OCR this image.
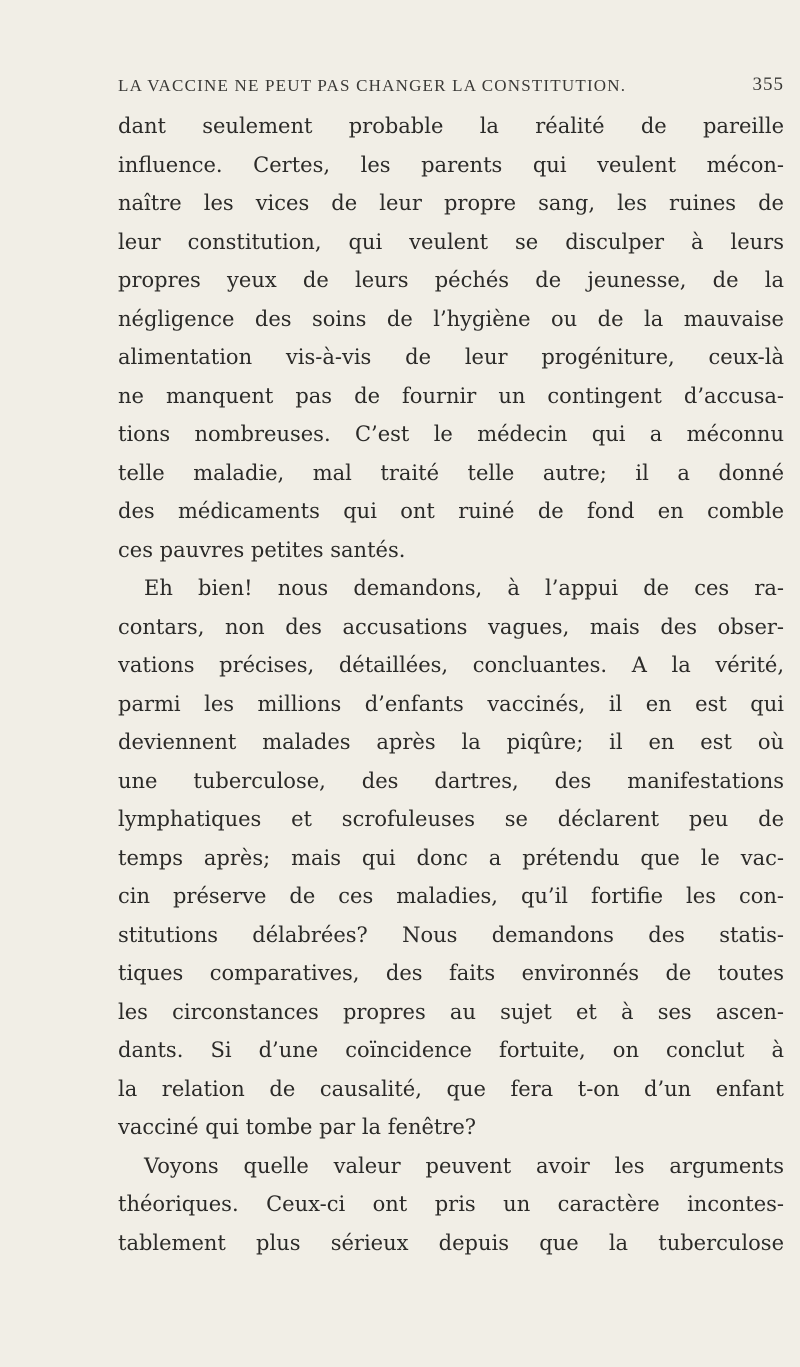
LA VACCINE NE PEUT PAS CHANGER LA CONSTITUTION.	355
dant seulement probable la réalité de pareille
influence. Certes, les parents qui veulent mécon-
naître les vices de leur propre sang, les ruines de
leur constitution, qui veulent se disculper à leurs
propres yeux de leurs péchés de jeunesse, de la
négligence des soins de l’hygiène ou de la mauvaise
alimentation vis-à-vis de leur progéniture, ceux-là
ne manquent pas de fournir un contingent d’accusa-
tions nombreuses. C’est le médecin qui a méconnu
telle maladie, mal traité telle autre; il a donné
des médicaments qui ont ruiné de fond en comble
ces pauvres petites santés.
Eh bien! nous demandons, à l’appui de ces ra-
contars, non des accusations vagues, mais des obser-
vations précises, détaillées, concluantes. A la vérité,
parmi les millions d’enfants vaccinés, il en est qui
deviennent malades après la piqûre; il en est où
une tuberculose, des dartres, des manifestations
lymphatiques et scrofuleuses se déclarent peu de
temps après; mais qui donc a prétendu que le vac-
cin préserve de ces maladies, qu’il fortifie les con-
stitutions délabrées? Nous demandons des statis-
tiques comparatives, des faits environnés de toutes
les circonstances propres au sujet et à ses ascen-
dants. Si d’une coïncidence fortuite, on conclut à
la relation de causalité, que fera t-on d’un enfant
vacciné qui tombe par la fenêtre?
Voyons quelle valeur peuvent avoir les arguments
théoriques. Ceux-ci ont pris un caractère incontes-
tablement plus sérieux depuis que la tuberculose
